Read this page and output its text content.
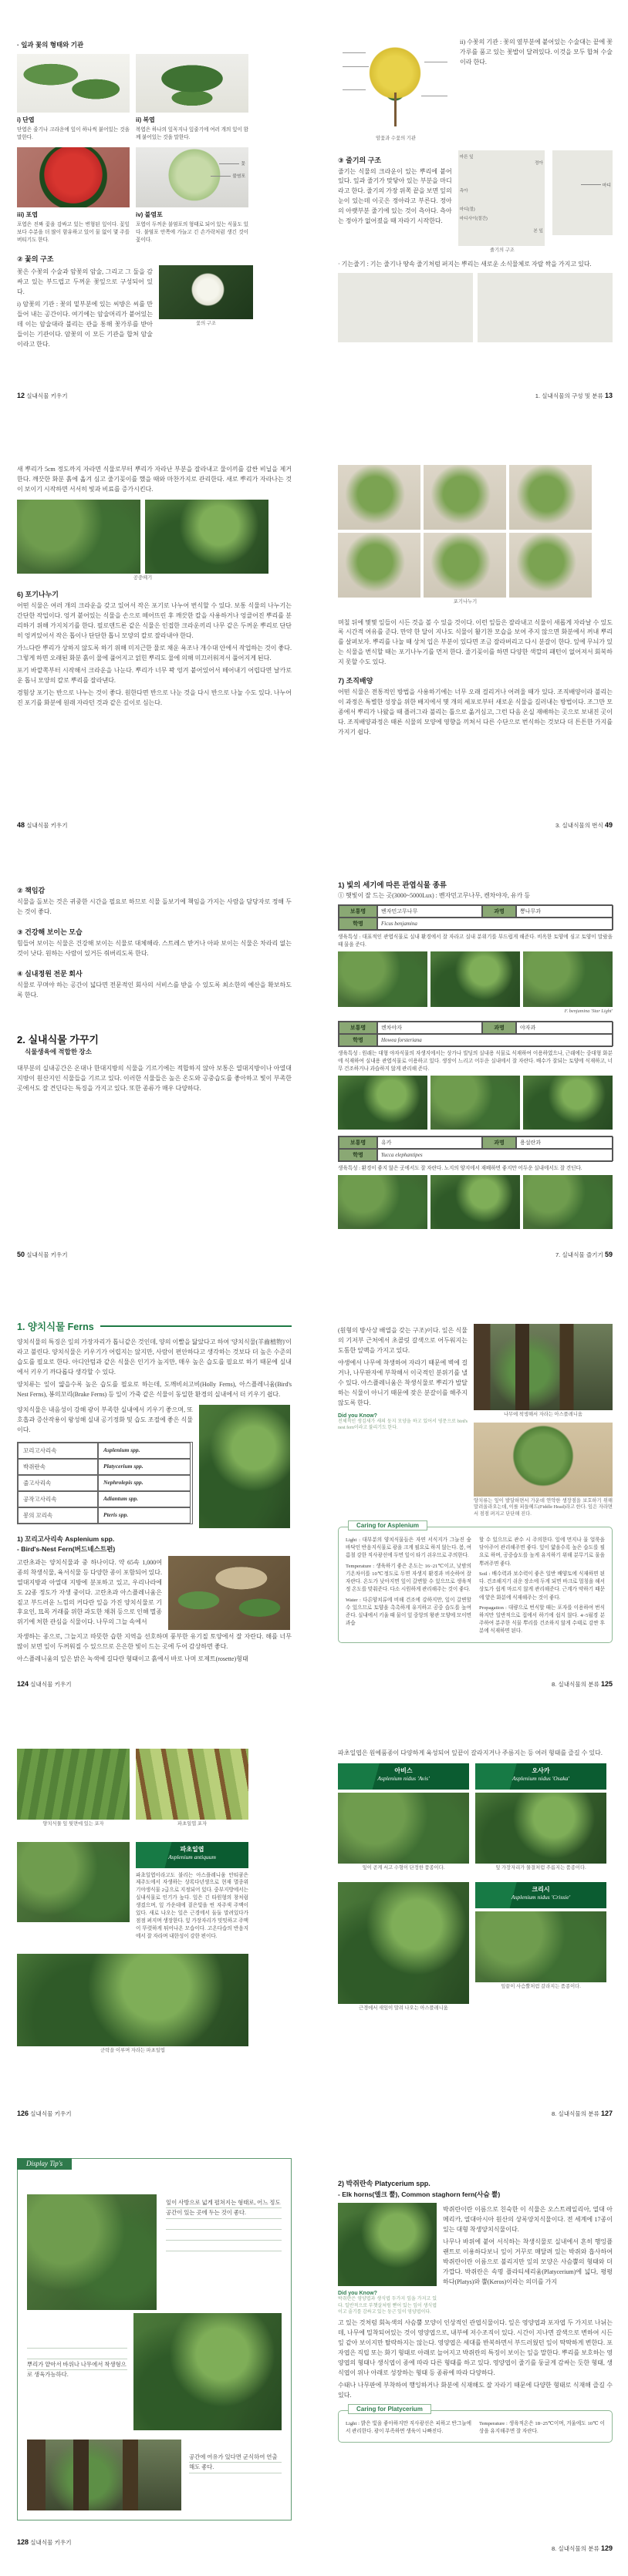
· 잎과 꽃의 형태와 기관
i) 단엽
단엽은 줄기나 크라운에 잎이 하나씩 붙어있는 것을 말한다.
ii) 복엽
복엽은 하나의 잎꼭지나 잎줄기에 여러 개의 잎이 함께 붙어있는 것을 말한다.
꽃
불염포
iii) 포엽
포엽은 진짜 꽃을 감싸고 있는 변형된 잎이다. 꽃잎보다 수분을 더 많이 함유하고 있어 물 없이 몇 주를 버티기도 한다.
iv) 불염포
포엽이 두꺼운 불염포의 형태로 되어 있는 식물도 있다. 불염포 안쪽에 가늘고 긴 손가락처럼 생긴 것이 꽃이다.
② 꽃의 구조
꽃은 수꽃의 수술과 암꽃의 암술, 그리고 그 둘을 감싸고 있는 부드럽고 두꺼운 꽃잎으로 구성되어 있다.
i) 암꽃의 기관 : 꽃의 밑부분에 있는 씨방은 씨를 만들어 내는 공간이다. 여기에는 암술머리가 붙어있는데 이는 암술대라 불리는 관을 통해 꽃가루를 받아들이는 기관이다. 암꽃의 이 모든 기관을 합쳐 암술이라고 한다.
꽃의 구조
12 실내식물 키우기
암꽃과 수꽃의 기관
ii) 수꽃의 기관 : 꽃의 옆부분에 붙어있는 수술대는 끝에 꽃가루를 품고 있는 꽃밥이 달려있다. 이것을 모두 합쳐 수술이라 한다.
③ 줄기의 구조
줄기는 식물의 크라운이 있는 뿌리에 붙어있다. 잎과 줄기가 맞닿아 있는 부분을 마디라고 한다. 줄기의 가장 위쪽 끝을 보면 잎의 눈이 있는데 이곳은 정아라고 부른다. 정아의 아랫부분 줄기에 있는 것이 측아다. 측아는 정아가 없어졌을 때 자라기 시작한다.
마른 잎
정아
측아
마디(절)
마디사이(절간)
본 잎
줄기의 구조
마디
· 기는줄기 : 기는 줄기나 땅속 줄기처럼 퍼지는 뿌리는 새로운 소식물체로 자랄 싹을 가지고 있다.
1. 실내식물의 구성 및 분류 13
새 뿌리가 5cm 정도까지 자라면 식물로부터 뿌리가 자라난 부분을 잘라내고 물이끼를 감싼 비닐을 제거한다. 깨끗한 화분 흙에 옮겨 심고 줄기꽂이를 했을 때와 마찬가지로 관리한다. 새로 뿌리가 자라나는 것이 보이기 시작하면 서서히 빛과 비료를 증가시킨다.
공중떼기
6) 포기나누기
어떤 식물은 여러 개의 크라운을 갖고 있어서 작은 포기로 나누어 번식할 수 있다. 보통 식물의 나누기는 간단한 작업이다. 엉겨 붙어있는 식물을 손으로 떼어뜨린 후 깨끗한 칼을 사용하거나 엉클어진 뿌리를 분리하기 위해 가지치기를 한다. 필로덴드론 같은 식물은 인접한 크라운끼리 나무 같은 두꺼운 뿌리로 단단히 엉켜있어서 작은 톱이나 단단한 톱니 모양의 칼로 잘라내야 한다.
가느다란 뿌리가 상하지 않도록 하기 위해 미지근한 물로 채운 욕조나 개수대 안에서 작업하는 것이 좋다. 그렇게 하면 오래된 화분 흙이 물에 풀어지고 얽힌 뿌리도 물에 의해 미끄러워져서 풀어지게 된다.
포기 바깥쪽부터 시작해서 크라운을 나눈다. 뿌리가 너무 꽉 엉겨 붙어있어서 떼어내기 어렵다면 날카로운 톱니 모양의 칼로 뿌리를 잘라낸다.
경험상 포기는 반으로 나누는 것이 좋다. 원한다면 반으로 나눈 것을 다시 반으로 나눌 수도 있다. 나누어진 포기를 화분에 원래 자라던 것과 같은 깊이로 심는다.
48 실내식물 키우기
포기나누기
며칠 뒤에 몇몇 잎들이 시든 것을 볼 수 있을 것이다. 이런 잎들은 잘라내고 식물이 새롭게 자라날 수 있도록 시간적 여유를 준다. 만약 한 달이 지나도 식물이 활기찬 모습을 보여 주지 않으면 화분에서 꺼내 뿌리를 살펴보자. 뿌리를 나눌 때 상처 입은 부분이 있다면 조금 잘라버리고 다시 분갈이 한다. 잎에 무늬가 있는 식물을 번식할 때는 포기나누기를 먼저 한다. 줄기꽂이를 하면 다양한 색깔의 패턴이 없어져서 회복하지 못할 수도 있다.
7) 조직배양
어떤 식물은 전통적인 방법을 사용하기에는 너무 오래 걸리거나 어려울 때가 있다. 조직배양이라 불리는 이 과정은 특별한 성장을 위한 배지에서 몇 개의 세포로부터 새로운 식물을 길러내는 방법이다. 조그만 모종에서 뿌리가 나왔을 때 플러그라 불리는 틀으로 옮겨심고, 그런 다음 온실 재배하는 곳으로 보내진 곳이다. 조직배양과정은 때론 식물의 모양에 영향을 끼쳐서 다른 수단으로 번식하는 것보다 더 튼튼한 가지를 가지기 쉽다.
3. 실내식물의 번식 49
② 책임감
식물을 돌보는 것은 귀중한 시간을 필요로 하므로 식물 돌보기에 책임을 가지는 사람을 담당자로 정해 두는 것이 좋다.
③ 건강해 보이는 모습
힘들어 보이는 식물은 건강해 보이는 식물로 대체해라. 스트레스 받거나 아파 보이는 식물은 차라리 없는 것이 낫다. 원하는 사람이 있거든 줘버리도록 한다.
④ 실내정원 전문 회사
식물로 꾸며야 하는 공간이 넓다면 전문적인 회사의 서비스를 받을 수 있도록 최소한의 예산을 확보하도록 한다.
2. 실내식물 가꾸기
식물생육에 적합한 장소
대부분의 실내공간은 온대나 한대지방의 식물을 기르기에는 적합하지 않아 보통은 열대지방이나 아열대 지방이 원산지인 식물들을 기르고 있다. 이러한 식물들은 높은 온도와 공중습도를 좋아하고 빛이 부족한 곳에서도 잘 견딘다는 특징을 가지고 있다. 또한 종류가 매우 다양하다.
50 실내식물 키우기
1) 빛의 세기에 따른 관엽식물 종류
① 햇빛이 잘 드는 곳(3000~5000Lux) : 벤자민고무나무, 켄차야자, 유카 등
보통명	벤자민고무나무	과명	뽕나무과
학명	Ficus benjamina
생육특성 : 대표적인 관엽식물로 실내 환경에서 잘 자라고 실내 분위기를 부드럽게 해준다. 비옥한 토양에 심고 토양이 말랐을 때 물을 준다.
F. benjamina 'Star Light'
보통명	켄차야자	과명	야자과
학명	Howea forsteriana
생육특성 : 원래는 대형 야자식물의 자생지에서는 상가나 빌딩의 실내용 식물로 식재하여 이용하였으나, 근래에는 중대형 화분에 식재하여 실내용 관엽식물로 이용하고 있다. 생장이 느리고 어두운 실내에서 잘 자란다. 배수가 잘되는 토양에 식재하고, 너무 건조하거나 과습하지 않게 관리해 준다.
보통명	유카	과명	용설란과
학명	Yucca elephantipes
생육특성 : 환경이 좋지 않은 곳에서도 잘 자란다. 노지의 양지에서 재배하면 좋지만 어두운 실내에서도 잘 견딘다.
7. 실내식물 즐기기 59
1. 양치식물 Ferns
양치식물의 특징은 잎의 가장자리가 톱니같은 것인데, 양의 이빨을 닮았다고 하여 '양치식물(羊齒植物)'이라고 불린다. 양치식물은 키우기가 어렵지는 않지만, 사람이 편안하다고 생각하는 것보다 더 높은 수준의 습도를 필요로 한다. 아디안텀과 같은 식물은 인기가 높지만, 매우 높은 습도를 필요로 하기 때문에 실내에서 키우기 까다롭다 생각할 수 있다.
양치류는 잎이 얇을수록 높은 습도를 필요로 하는데, 도깨비쇠고비(Holly Ferns), 아스플레니움(Bird's Nest Ferns), 봉의꼬리(Brake Ferns) 등 잎이 가죽 같은 식물이 동일한 환경의 실내에서 더 키우기 쉽다.
양치식물은 내음성이 강해 광이 부족한 실내에서 키우기 좋으며, 또 호흡과 증산작용이 왕성해 실내 공기정화 및 습도 조절에 좋은 식물이다.
꼬리고사리속	Asplenium spp.
박쥐란속	Platycerium spp.
줄고사리속	Nephrolepis spp.
공작고사리속	Adiantum spp.
봉의 꼬리속	Pteris spp.
1) 꼬리고사리속 Asplenium spp.
- Bird's-Nest Fern(버드네스트펀)
고란초과는 양치식물과 중 하나이다. 약 65속 1,000여 종의 착생식물, 육서식물 등 다양한 종이 포함되어 있다. 열대지방과 아열대 지방에 분포하고 있고, 우리나라에도 22종 정도가 자생 중이다. 고란초과 아스플레니움은 짙고 부드러운 느낌의 커다란 잎을 가진 양치식물로 기후요인, 묘목 거래를 위한 과도한 채취 등으로 인해 멸종위기에 처한 관심을 식물이다. 나무의 그늘 속에서
자생하는 종으로, 그늘지고 따뜻한 습한 지역을 선호하며 풍부한 유기질 토양에서 잘 자란다. 해를 너무 많이 보면 잎이 두꺼워질 수 있으므로 은은한 빛이 드는 곳에 두어 감상하면 좋다.
아스플레니움의 잎은 밝은 녹색에 길다란 형태이고 흙에서 바로 나며 로제트(rosette)형태
124 실내식물 키우기
(원형의 방사상 배열을 갖는 구조)이다. 잎은 식물의 기저부 근처에서 초콜릿 갈색으로 어두워지는 도톰한 잎맥을 가지고 있다.
야생에서 나무에 착생하여 자라기 때문에 벽에 걸거나, 나무판자에 부착해서 이국적인 분위기를 낼 수 있다. 아스플레니움은 착생식물로 뿌리가 발달하는 식물이 아니기 때문에 잦은 분갈이를 해주지 않도록 한다.
Did you Know?
전체적인 생김새가 새의 둥지 모양을 하고 있어서 영문으로 bird's nest fern이라고 불리기도 한다.
나무에 착생해서 자라는 아스플레니움
양치류는 잎이 발달하면서 가운데 연약한 생장점을 보호하기 위해 말려올라오는데, 이를 피들헤드(Fiddle Head)라고 한다. 잎은 자라면서 점점 펴지고 단단해 진다.
Caring for Asplenium
Light : 대부분의 양치식물들은 자연 서식지가 그늘진 숲 바닥인 반음지식물로 광을 크게 필요로 하지 않는다. 봄, 여름철 강한 직사광선에 두면 잎이 타기 쉬우므로 주의한다.
Temperature : 생육하기 좋은 온도는 16~21℃이고, 낮밤의 기온차이를 10℃정도로 두면 자생지 환경과 비슷하여 잘 자란다. 온도가 낮아지면 잎이 갈변할 수 있으므로 생육적정 온도를 맞춰준다. 다소 시원하게 관리해주는 것이 좋다.
Water : 다른양치류에 비해 건조에 강하지만, 잎이 갈변할 수 있으므로 토양을 촉촉하게 유지하고 공중 습도를 높여준다. 실내에서 키울 때 물이 잎 중앙의 왕관 모양에 모이면 과습
할 수 있으므로 관수 시 주의한다. 잎에 먼지나 물 얼룩을 닦아주어 관리해주면 좋다. 잎이 얇을수록 높은 습도를 필요로 하며, 공중습도를 높게 유지하기 위해 분무기로 물을 뿌려주면 좋다.
Soil : 배수력과 보수력이 좋은 일반 배양토에 식재하면 된다. 건조해지기 쉬운 장소에 두게 되면 바크로 멀칭을 해서 상토가 쉽게 마르지 않게 관리해준다. 근계가 약하기 때문에 얕은 화분에 식재해주는 것이 좋다.
Propagation : 대량으로 번식할 때는 포자를 이용하여 번식하지만 일반적으로 집에서 하기에 쉽지 않다. 4~5월경 분주하여 분주한 식물 뿌리를 건조하지 않게 수태로 감싼 후 분에 식재하면 된다.
8. 실내식물의 분류 125
양치식물 잎 뒷면에 있는 포자	파초일엽 포자
파초일엽
Asplenium antiquum
파초일엽이라고도 불리는 아스플레니움 안티쿰은 제주도에서 자생하는 상록다년생으로 현재 멸종위기야생식물 2급으로 지정되어 있다. 중부지방에서는 실내식물로 인기가 높다. 잎은 긴 타원형의 창처럼 생겼으며, 잎 가운데에 짙은빛을 띤 자주색 주맥이 있다. 새로 나오는 잎은 근경에서 둘둘 말려있다가 점점 펴지며 생장한다. 잎 가장자리가 밋밋하고 주맥이 뚜렷하게 튀어나온 모습이다. 고온다습의 반음지에서 잘 자라며 내한성이 강한 편이다.
군락을 이루며 자라는 파초일엽
126 실내식물 키우기
파초일엽은 원예품종이 다양하게 육성되어 잎끝이 갈라지거나 주름지는 등 여러 형태를 즐길 수 있다.
아비스
Asplenium nidus 'Avis'
잎이 곧게 서고 수형이 단정한 품종이다.
오사카
Asplenium nidus 'Osaka'
잎 가장자리가 물결처럼 주름지는 품종이다.
근경에서 새잎이 말려 나오는 아스플레니움
크리시
Asplenium nidus 'Crissie'
잎끝이 사슴뿔처럼 갈라지는 품종이다.
8. 실내식물의 분류 127
Display Tip's
잎이 사방으로 넓게 펼쳐지는 형태로, 어느 정도 공간이 있는 곳에 두는 것이 좋다.
뿌리가 얕아서 바위나 나무에서 착생형으로 생육가능하다.
공간에 여유가 있다면 군식하여 연출해도 좋다.
128 실내식물 키우기
2) 박쥐란속 Platycerium spp.
- Elk horns(엘크 뿔), Common staghorn fern(사슴 뿔)
Did you Know?
박쥐란은 영양엽과 생식엽 두가지 잎을 가지고 있다. 일반적으로 부챗살처럼 뻗어 있는 잎이 생식엽이고 줄기를 감싸고 있는 둥근 잎이 영양엽이다.
박쥐란이란 이름으로 친숙한 이 식물은 오스트레일리아, 열대 아메리카, 열대아시아 원산의 상록양치식물이다. 전 세계에 17종이 있는 대형 착생양치식물이다.
나무나 바위에 붙어 서식하는 착생식물로 실내에서 흔히 행잉플랜트로 이용하다보니 잎이 거꾸로 매달려 있는 박쥐와 흡사하여 박쥐란이란 이름으로 불리지만 잎의 모양은 사슴뿔의 형태와 더 가깝다. 박쥐란은 속명 플라티세리움(Platycerium)에 넓다, 평평하다(Platys)와 뿔(Keros)이라는 의미를 가지
고 있는 것처럼 회녹색의 사슴뿔 모양이 인상적인 관엽식물이다. 잎은 영양엽과 포자엽 두 가지로 나뉘는데, 나무에 밀착되어있는 것이 영양엽으로, 내부에 저수조직이 있다. 시간이 지나면 갈색으로 변하여 시든 잎 같아 보이지만 탈락하지는 않는다. 영양엽은 세대를 반복하면서 부드러웠던 잎이 딱딱하게 변한다. 포자엽은 직립 또는 화기 형태로 아래로 늘어지고 박쥐란의 특징이 보이는 잎을 말한다. 뿌리를 보호하는 영양엽의 형태나 생식엽이 종에 따라 다른 형태를 하고 있다. 영양엽이 줄기를 둥글게 감싸는 듯한 형태, 생식엽이 위나 아래로 성장하는 형태 등 종류에 따라 다양하다.
수태나 나무판에 부착하여 행잉하거나 화분에 식재해도 잘 자라기 때문에 다양한 형태로 식재해 즐길 수 있다.
Caring for Platycerium
Light : 밝은 빛을 좋아하지만 직사광선은 피하고 반그늘에서 관리한다. 광이 부족하면 생육이 나빠진다.
Temperature : 생육적온은 18~25℃이며, 겨울에도 10℃ 이상을 유지해주면 잘 자란다.
8. 실내식물의 분류 129
